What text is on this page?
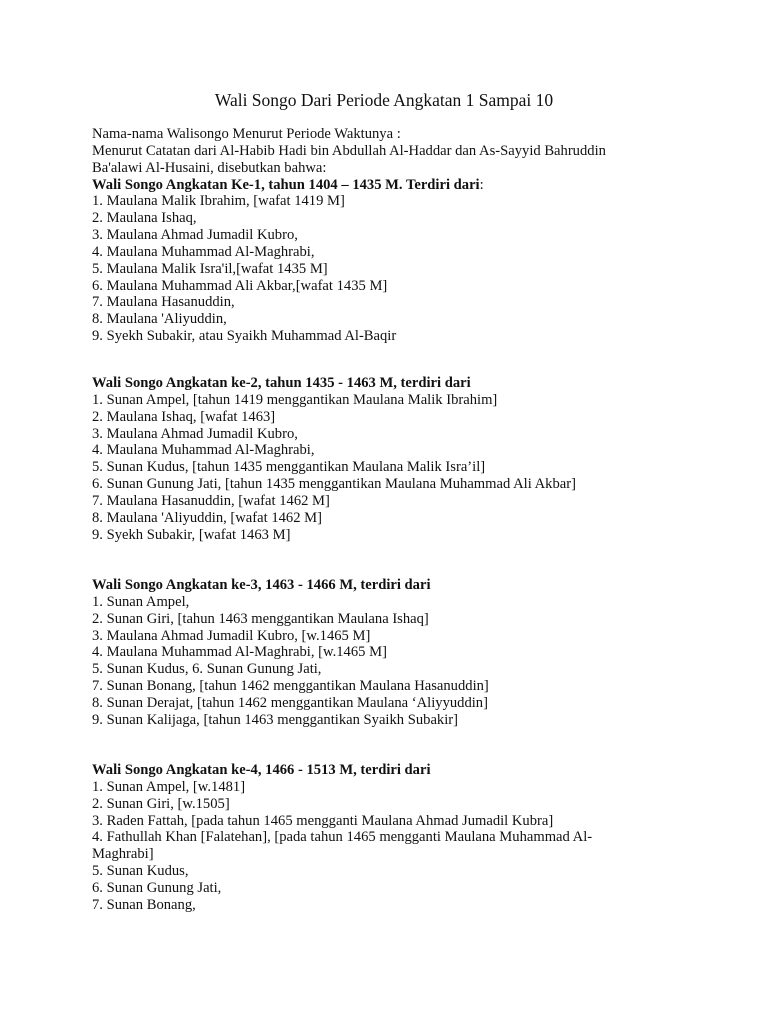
Wali Songo Dari Periode Angkatan 1 Sampai 10
Nama-nama Walisongo Menurut Periode Waktunya :
Menurut Catatan dari Al-Habib Hadi bin Abdullah Al-Haddar dan As-Sayyid Bahruddin
Ba'alawi Al-Husaini, disebutkan bahwa:
Wali Songo Angkatan Ke-1, tahun 1404 – 1435 M. Terdiri dari:
1. Maulana Malik Ibrahim, [wafat 1419 M]
2. Maulana Ishaq,
3. Maulana Ahmad Jumadil Kubro,
4. Maulana Muhammad Al-Maghrabi,
5. Maulana Malik Isra'il,[wafat 1435 M]
6. Maulana Muhammad Ali Akbar,[wafat 1435 M]
7. Maulana Hasanuddin,
8. Maulana 'Aliyuddin,
9. Syekh Subakir, atau Syaikh Muhammad Al-Baqir
Wali Songo Angkatan ke-2, tahun 1435 - 1463 M, terdiri dari
1. Sunan Ampel, [tahun 1419 menggantikan Maulana Malik Ibrahim]
2. Maulana Ishaq, [wafat 1463]
3. Maulana Ahmad Jumadil Kubro,
4. Maulana Muhammad Al-Maghrabi,
5. Sunan Kudus, [tahun 1435 menggantikan Maulana Malik Isra’il]
6. Sunan Gunung Jati, [tahun 1435 menggantikan Maulana Muhammad Ali Akbar]
7. Maulana Hasanuddin, [wafat 1462 M]
8. Maulana 'Aliyuddin, [wafat 1462 M]
9. Syekh Subakir, [wafat 1463 M]
Wali Songo Angkatan ke-3, 1463 - 1466 M, terdiri dari
1. Sunan Ampel,
2. Sunan Giri, [tahun 1463 menggantikan Maulana Ishaq]
3. Maulana Ahmad Jumadil Kubro, [w.1465 M]
4. Maulana Muhammad Al-Maghrabi, [w.1465 M]
5. Sunan Kudus, 6. Sunan Gunung Jati,
7. Sunan Bonang, [tahun 1462 menggantikan Maulana Hasanuddin]
8. Sunan Derajat, [tahun 1462 menggantikan Maulana ‘Aliyyuddin]
9. Sunan Kalijaga, [tahun 1463 menggantikan Syaikh Subakir]
Wali Songo Angkatan ke-4, 1466 - 1513 M, terdiri dari
1. Sunan Ampel, [w.1481]
2. Sunan Giri, [w.1505]
3. Raden Fattah, [pada tahun 1465 mengganti Maulana Ahmad Jumadil Kubra]
4. Fathullah Khan [Falatehan], [pada tahun 1465 mengganti Maulana Muhammad Al-
Maghrabi]
5. Sunan Kudus,
6. Sunan Gunung Jati,
7. Sunan Bonang,
